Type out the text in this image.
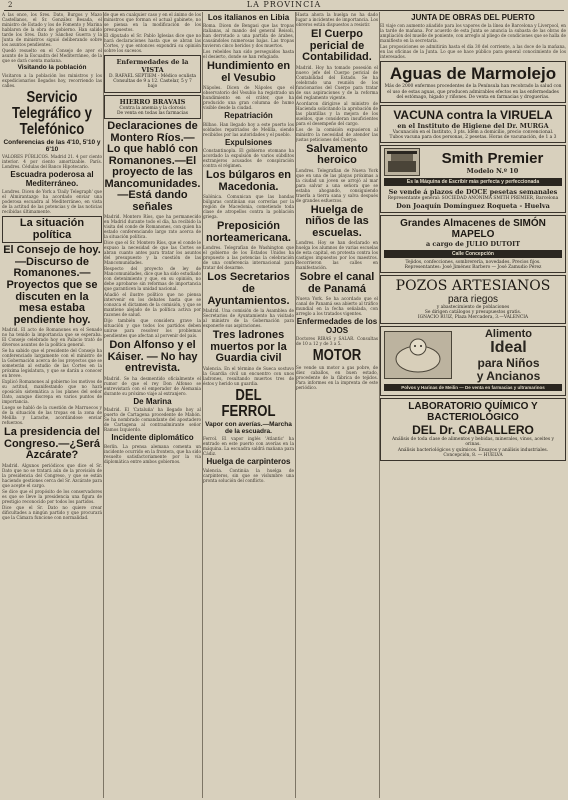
2	LA PROVINCIA

A las once, los Sres. Dato, Burgos y Mazo Castellanos, el Sr. González Besada, el ministro de Estado y los de Fomento y Marina hablaron de la obra de gobierno. Han salido tarde los Sres. Dato y Sánchez Guerra y la Junta de ministros siguió deliberando sobre los asuntos pendientes.

Quedó resuelto en el Consejo de ayer el asunto de la Escuadra del Mediterráneo, de la que se dará cuenta mañana.

Visitando la población

Visitaron a la población los ministros y los expedicionarios llegados hoy, recorriendo las calles.

Servicio Telegráfico y Telefónico
Conferencias de las 4'10, 5'10 y 6'10

VALORES PÚBLICOS. Madrid 21. 4 por ciento interior. 4 por ciento amortizable. París. Londres. Cédulas del Banco Hipotecario.

Escuadra poderosa al Mediterráneo.

Londres. Dicen de York a 'Daily Telegraph' que el Almirantazgo ha acordado enviar una poderosa escuadra al Mediterráneo, en vista de la actitud de las potencias y de las noticias recibidas últimamente.

La situación política
El Consejo de hoy.—Discurso de Romanones.—Proyectos que se discuten en la mesa estaba pendiente hoy.

Madrid. El acto de Romanones en el Senado no ha tenido la importancia que se esperaba. El Consejo celebrado hoy en Palacio trató de diversos asuntos de la política general.

Se ha sabido que el presidente del Consejo ha conferenciado largamente con el ministro de la Gobernación acerca de los proyectos que se someterán al estudio de las Cortes en la próxima legislatura, y que se darán a conocer en breve.

Explicó Romanones al gobierno los motivos de su actitud, manifestando que no hará oposición sistemática a los planes del señor Dato, aunque discrepa en varios puntos de importancia.

Luego se habló de la cuestión de Marruecos y de la situación de las tropas en la zona de Melilla y Larache, acordándose enviar refuerzos.

La presidencia del Congreso.—¿Será Azcárate?

Madrid. Algunos periódicos que dice el Sr. Dato que no se tratará aún de la provisión de la presidencia del Congreso, y que se están haciendo gestiones cerca del Sr. Azcárate para que acepte el cargo.

Se dice que el propósito de los conservadores es que se lleve la presidencia una figura de prestigio reconocido por todos los partidos.

Dice que el Sr. Dato no quiere crear dificultades a ningún partido y que procurará que la Cámara funcione con normalidad.

de que en cualquier caso y en el ánimo de los ministros que forman el actual gabinete, no se piensa en la modificación de los presupuestos.

El diputado el Sr. Pablo Iglesias dice que no hará declaraciones hasta que se abran las Cortes, y que entonces expondrá su opinión sobre los sucesos.

Enfermedades de la VISTA
D. RAFAEL SEPTIEM - Médico oculista
Consultas de 9 a 12. Castelar, 5 y 7 bajo
HIERRO BRAVAIS
Contra la anemia y la clorosis
De venta en todas las farmacias
Declaraciones de Montero Ríos.—Lo que habló con Romanones.—El proyecto de las Mancomunidades.—Está dando señales

Madrid. Montero Ríos, que ha permanecido en Madrid durante todo el día, ha recibido la visita del conde de Romanones, con quien ha estado conferenciando largo rato acerca de la situación política.

Dice que el Sr. Montero Ríos, que el conde le expuso la necesidad de que las Cortes se abran cuanto antes para tratar los asuntos del presupuesto y la cuestión de las Mancomunidades.

Respecto del proyecto de ley de Mancomunidades, dice que ha sido estudiado con detenimiento y que, en su opinión, no debe aprobarse sin reformas de importancia que garanticen la unidad nacional.

Añadió el ilustre político que no piensa intervenir en los debates hasta que se conozca el dictamen de la comisión, y que se mantiene alejado de la política activa por razones de salud.

Dijo también que considera grave la situación y que todos los partidos deben unirse para resolver los problemas pendientes que afectan al porvenir del país.

Don Alfonso y el Káiser. — No hay entrevista.

Madrid. Se ha desmentido oficialmente el rumor de que el rey Don Alfonso se entrevistará con el emperador de Alemania durante su próximo viaje al extranjero.

De Marina

Madrid. El 'Cataluña' ha llegado hoy al puerto de Cartagena procedente de Mahón. Se ha nombrado comandante del apostadero de Cartagena al contraalmirante señor Ramos Izquierdo.

Incidente diplomático

Berlín. La prensa alemana comenta un incidente ocurrido en la frontera, que ha sido resuelto satisfactoriamente por la vía diplomática entre ambos gobiernos.

Los italianos en Libia

Roma. Dicen de Bengasi que las tropas italianas, al mando del general Reisoli, han derrotado a una partida de árabes, causándoles numerosas bajas. Las tropas tuvieron cinco heridos y dos muertos.

Los rebeldes han sido perseguidos hasta el desierto, donde se han refugiado.

Hundimiento en el Vesubio

Nápoles. Dicen de Nápoles que el observatorio del Vesubio ha registrado un hundimiento en el cráter, que ha producido una gran columna de humo visible desde la ciudad.

Repatriación

Bilbao. Han llegado hoy a este puerto los soldados repatriados de Melilla, siendo recibidos por las autoridades y el pueblo.

Expulsiones

Constantinopla. El gobierno otomano ha acordado la expulsión de varios súbditos extranjeros acusados de conspiración contra el régimen.

Los búlgaros en Macedonia.

Salónica. Comunican que las bandas búlgaras continúan sus correrías por la región de Macedonia, cometiendo toda clase de atropellos contra la población griega.

Preposición norteamericana.

Londres. Telegrafían de Washington que el gobierno de los Estados Unidos ha propuesto a las potencias la celebración de una conferencia internacional para tratar del desarme.

Los Secretarios de Ayuntamientos.

Madrid. Una comisión de la Asamblea de Secretarios de Ayuntamiento ha visitado al ministro de la Gobernación para exponerle sus aspiraciones.

Tres ladrones muertos por la Guardia civil

Valencia. En el término de Sueca sostuvo la Guardia civil un encuentro con unos ladrones, resultando muertos tres de éstos y herido un guardia.

DEL FERROL
Vapor con averías.—Marcha de la escuadra.

Ferrol. El vapor inglés 'Atlantic' ha entrado en este puerto con averías en la máquina. La escuadra saldrá mañana para Cádiz.

Huelga de carpinteros

Valencia. Continúa la huelga de carpinteros, sin que se vislumbre una pronta solución del conflicto.

Hasta ahora la huelga no ha dado lugar a incidentes de importancia. Los obreros están dispuestos a resistir.

El Cuerpo pericial de Contabilidad.

Madrid. Hoy ha tomado posesión el nuevo jefe del Cuerpo pericial de Contabilidad del Estado. Se ha celebrado una reunión de los funcionarios del Cuerpo para tratar de sus aspiraciones y de la reforma del reglamento vigente.

Acordaron dirigirse al ministro de Hacienda solicitando la aprobación de las plantillas y la mejora de los sueldos, que consideran insuficientes para el desempeño del cargo.

Los de la comisión expusieron al ministro la necesidad de atender las justas peticiones del Cuerpo.

Salvamento heroico

Londres. Telegrafían de Nueva York que en una de las playas próximas a la ciudad un joven se arrojó al mar para salvar a una señora que se estaba ahogando, consiguiendo traerla a tierra sana y salva después de grandes esfuerzos.

Huelga de niños de las escuelas.

Londres. Hoy se han declarado en huelga los alumnos de varias escuelas de esta capital, en protesta contra los castigos impuestos por los maestros. Recorrieron las calles en manifestación.

Sobre el canal de Panamá

Nueva York. Se ha acordado que el canal de Panamá sea abierto al tráfico mundial en la fecha señalada, con arreglo a los tratados vigentes.

Enfermedades de los OJOS

Doctores RIBAS y SALAR. Consultas de 10 a 12 y de 3 a 5.

MOTOR

Se vende un motor a gas pobre, de diez caballos, en buen estado, procedente de la fábrica de tejidos. Para informes en la imprenta de este periódico.

JUNTA DE OBRAS DEL PUERTO

El viaje con aumento añadido para los vapores de la línea de Barcelona y Liverpool, en la tarde de mañana. Por acuerdo de esta Junta se anuncia la subasta de las obras de ampliación del muelle de poniente, con arreglo al pliego de condiciones que se halla de manifiesto en la secretaría.

Las proposiciones se admitirán hasta el día 30 del corriente, a las doce de la mañana, en las oficinas de la Junta. Lo que se hace público para general conocimiento de los interesados.

Aguas de Marmolejo
Más de 2000 enfermos procedentes de la Península han recobrado la salud con el uso de estas aguas, que producen admirables efectos en las enfermedades del estómago, hígado y riñones. De venta en farmacias y droguerías.
VACUNA contra la VIRUELA
en el Instituto de Higiene del Dr. MURGA
Vacunación en el Instituto, 3 pts. Idem a domicilio, precio convencional.
Tubos vacuna para dos personas, 2 pesetas. Horas de vacunación, de 1 a 3
Smith Premier
Modelo N.º 10
Es la Máquina de Escribir más perfecta y perfeccionada
Se vende á plazos de DOCE pesetas semanales
Representante general: SOCIEDAD ANÓNIMA SMITH PREMIER, Barcelona
Don Joaquín Domínguez Roqueta - Huelva
Grandes Almacenes de SIMÓN MAPELO
a cargo de JULIO DUTOIT
Calle Concepción
Tejidos, confecciones, sombrerería, novedades. Precios fijos.
Representantes: José Jiménez Barbero — José Zamudio Pérez
POZOS ARTESIANOS
para riegos
y abastecimiento de poblaciones
Se dirigen catálogos y presupuestos gratis.
IGNACIO RUIZ, Plaza Mercadera, 3.—VALENCIA
Alimento
Ideal
para Niños
y Ancianos
Polvos y Harinas de Meilin — De venta en farmacias y ultramarinos
LABORATORIO QUÍMICO Y BACTERIOLÓGICO
DEL Dr. CABALLERO
Análisis de toda clase de alimentos y bebidas, minerales, vinos, aceites y orinas.
Análisis bacteriológicos y químicos. Ensayos y análisis industriales.
Concepción, 8. — HUELVA
